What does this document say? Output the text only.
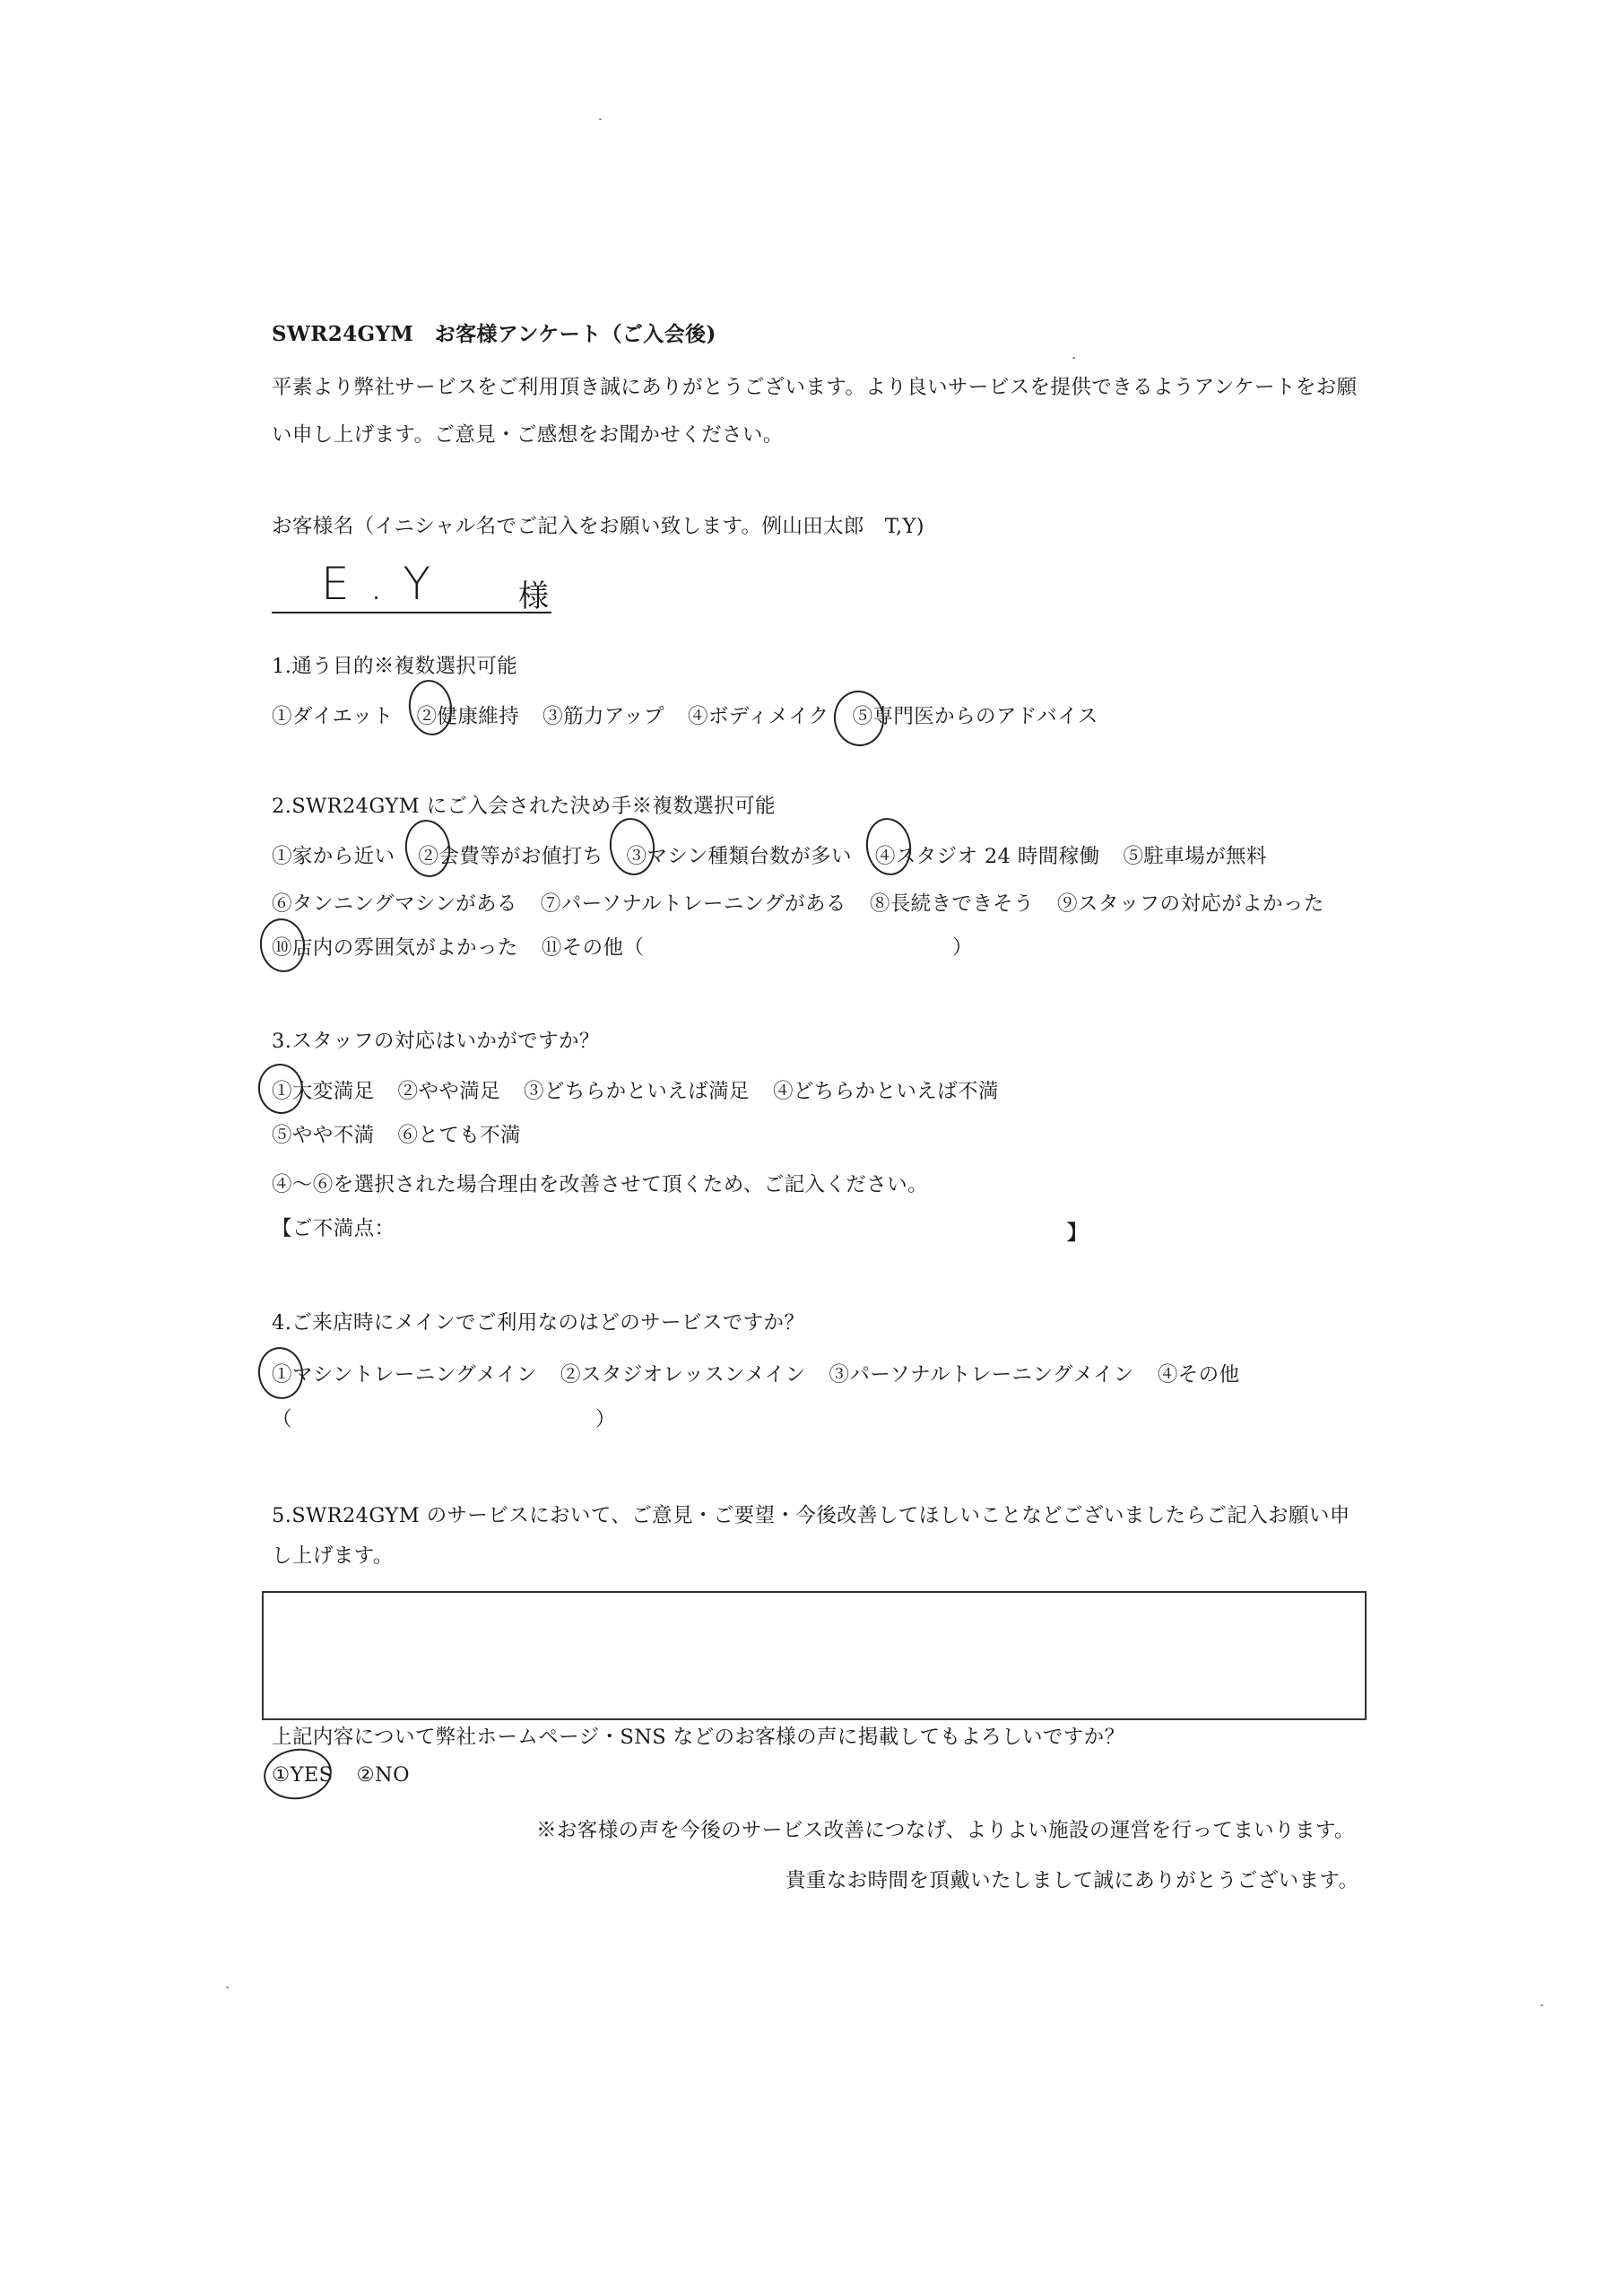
SWR24GYM　お客様アンケート（ご入会後)
平素より弊社サービスをご利用頂き誠にありがとうございます。より良いサービスを提供できるようアンケートをお願
い申し上げます。ご意見・ご感想をお聞かせください。
お客様名（イニシャル名でご記入をお願い致します。例山田太郎　T,Y)
E.Y 様
1.通う目的※複数選択可能
①ダイエット ②健康維持 ③筋力アップ ④ボディメイク ⑤専門医からのアドバイス
2.SWR24GYM にご入会された決め手※複数選択可能
①家から近い ②会費等がお値打ち ③マシン種類台数が多い ④スタジオ 24 時間稼働 ⑤駐車場が無料
⑥タンニングマシンがある ⑦パーソナルトレーニングがある ⑧長続きできそう ⑨スタッフの対応がよかった
⑩店内の雰囲気がよかった ⑪その他（	）
3.スタッフの対応はいかがですか？
①大変満足 ②やや満足 ③どちらかといえば満足 ④どちらかといえば不満
⑤やや不満 ⑥とても不満
④～⑥を選択された場合理由を改善させて頂くため、ご記入ください。
【ご不満点：	】
4.ご来店時にメインでご利用なのはどのサービスですか？
①マシントレーニングメイン ②スタジオレッスンメイン ③パーソナルトレーニングメイン ④その他
（	）
5.SWR24GYM のサービスにおいて、ご意見・ご要望・今後改善してほしいことなどございましたらご記入お願い申
し上げます。
上記内容について弊社ホームページ・SNS などのお客様の声に掲載してもよろしいですか？
①YES ②NO
※お客様の声を今後のサービス改善につなげ、よりよい施設の運営を行ってまいります。
貴重なお時間を頂戴いたしまして誠にありがとうございます。
